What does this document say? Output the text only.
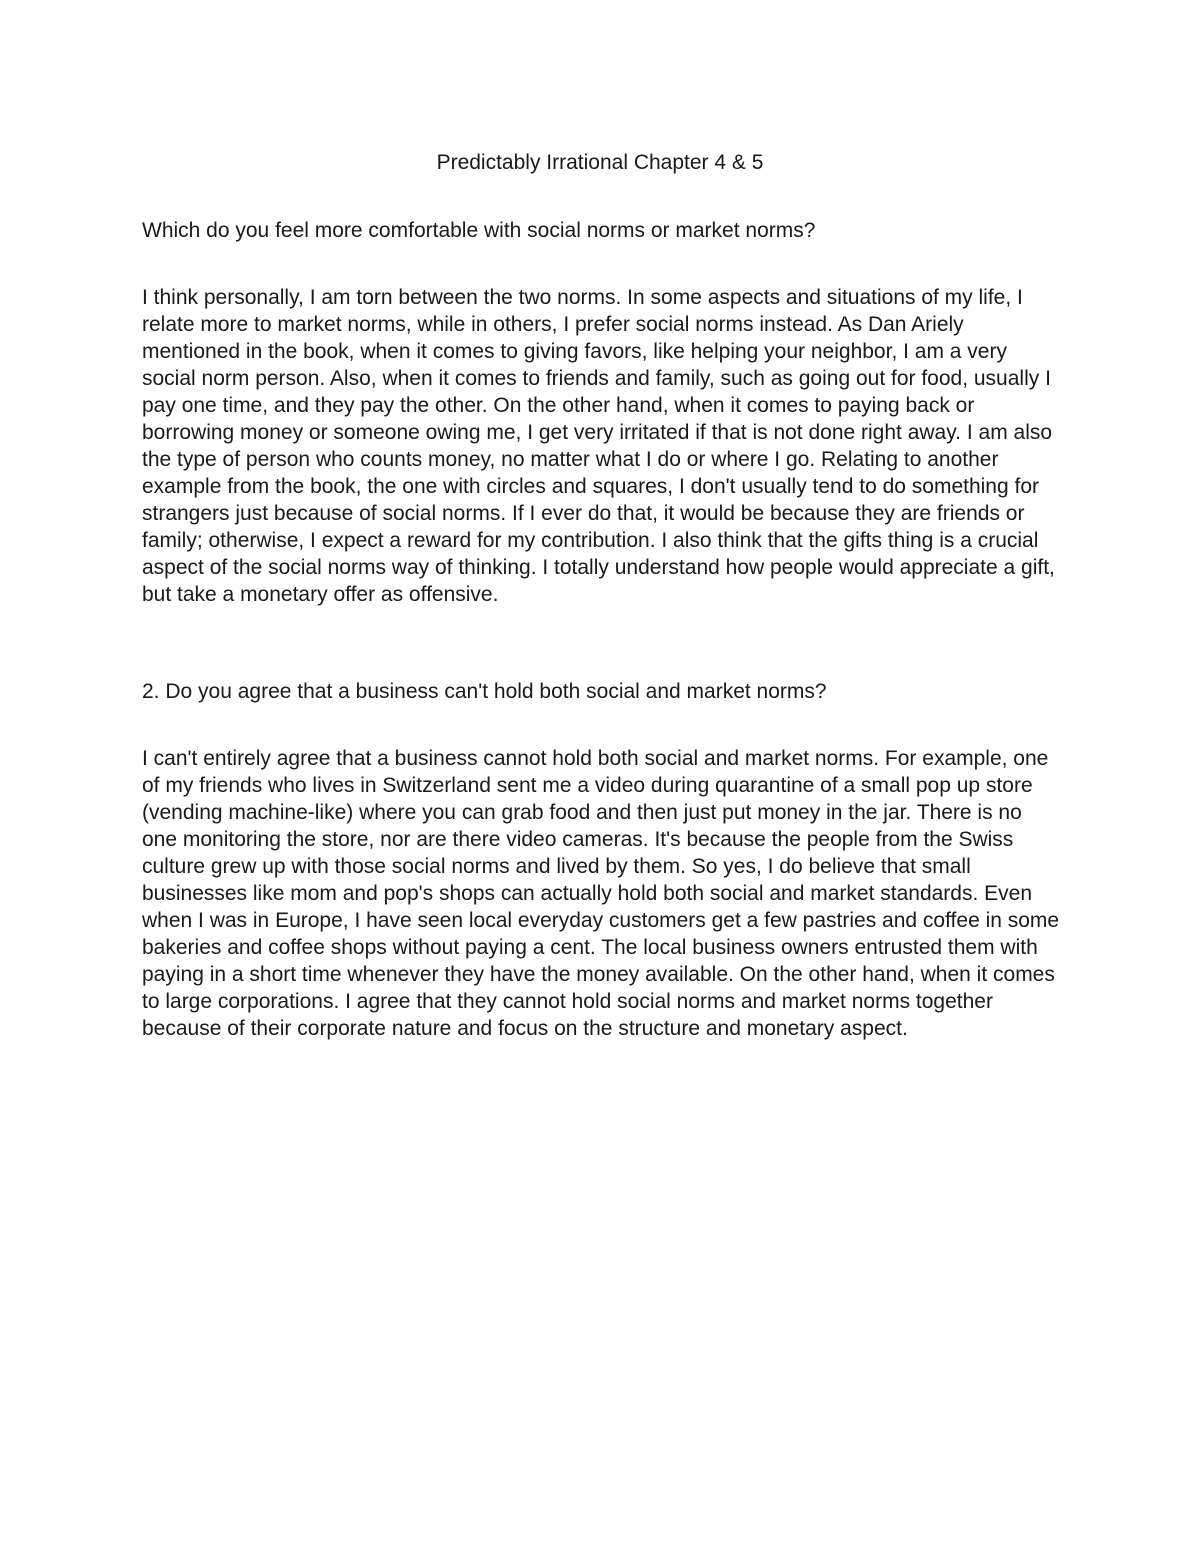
Predictably Irrational Chapter 4 & 5

Which do you feel more comfortable with social norms or market norms?

I think personally, I am torn between the two norms. In some aspects and situations of my life, I relate more to market norms, while in others, I prefer social norms instead. As Dan Ariely mentioned in the book, when it comes to giving favors, like helping your neighbor, I am a very social norm person. Also, when it comes to friends and family, such as going out for food, usually I pay one time, and they pay the other. On the other hand, when it comes to paying back or borrowing money or someone owing me, I get very irritated if that is not done right away. I am also the type of person who counts money, no matter what I do or where I go. Relating to another example from the book, the one with circles and squares, I don't usually tend to do something for strangers just because of social norms. If I ever do that, it would be because they are friends or family; otherwise, I expect a reward for my contribution. I also think that the gifts thing is a crucial aspect of the social norms way of thinking. I totally understand how people would appreciate a gift, but take a monetary offer as offensive.

2. Do you agree that a business can't hold both social and market norms?

I can't entirely agree that a business cannot hold both social and market norms. For example, one of my friends who lives in Switzerland sent me a video during quarantine of a small pop up store (vending machine-like) where you can grab food and then just put money in the jar. There is no one monitoring the store, nor are there video cameras. It's because the people from the Swiss culture grew up with those social norms and lived by them. So yes, I do believe that small businesses like mom and pop's shops can actually hold both social and market standards. Even when I was in Europe, I have seen local everyday customers get a few pastries and coffee in some bakeries and coffee shops without paying a cent. The local business owners entrusted them with paying in a short time whenever they have the money available. On the other hand, when it comes to large corporations. I agree that they cannot hold social norms and market norms together because of their corporate nature and focus on the structure and monetary aspect.
